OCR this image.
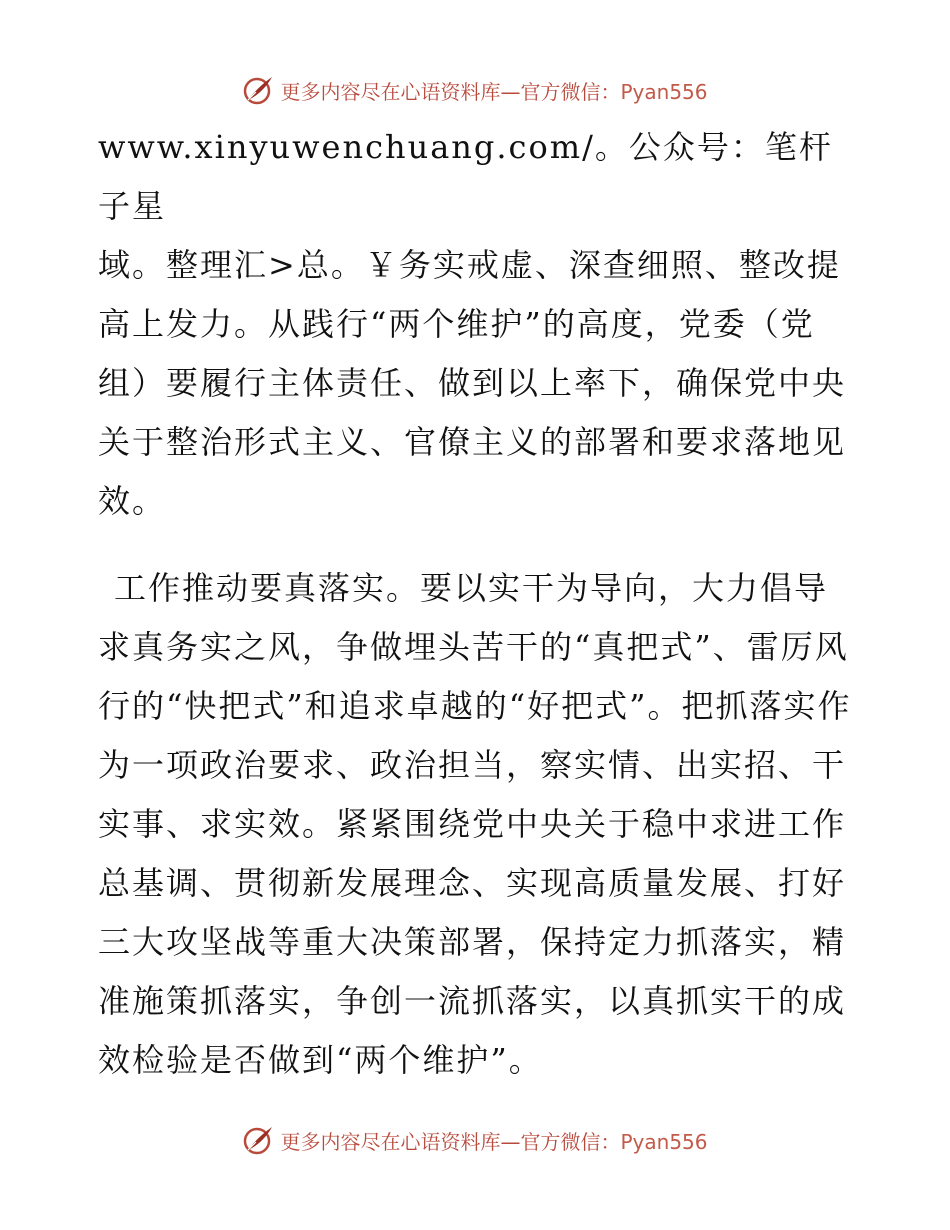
更多内容尽在心语资料库—官方微信：Pyan556

www.xinyuwenchuang.com/。公众号：笔杆子星
域。整理汇>总。￥务实戒虚、深查细照、整改提高上发力。从践行“两个维护”的高度，党委（党组）要履行主体责任、做到以上率下，确保党中央关于整治形式主义、官僚主义的部署和要求落地见效。

工作推动要真落实。要以实干为导向，大力倡导求真务实之风，争做埋头苦干的“真把式”、雷厉风行的“快把式”和追求卓越的“好把式”。把抓落实作为一项政治要求、政治担当，察实情、出实招、干实事、求实效。紧紧围绕党中央关于稳中求进工作总基调、贯彻新发展理念、实现高质量发展、打好三大攻坚战等重大决策部署，保持定力抓落实，精准施策抓落实，争创一流抓落实，以真抓实干的成效检验是否做到“两个维护”。

更多内容尽在心语资料库—官方微信：Pyan556
